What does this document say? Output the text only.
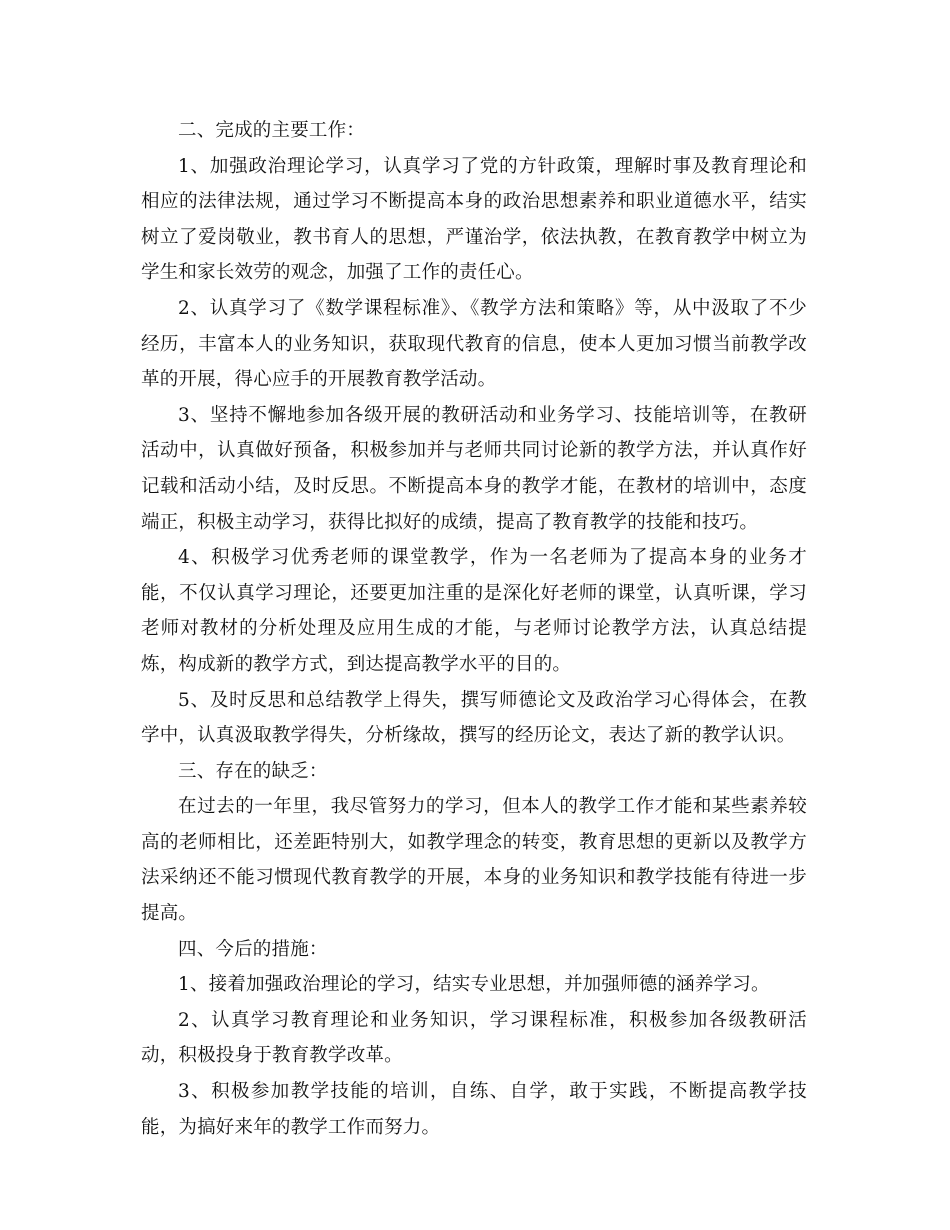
二、完成的主要工作：

1、加强政治理论学习，认真学习了党的方针政策，理解时事及教育理论和相应的法律法规，通过学习不断提高本身的政治思想素养和职业道德水平，结实树立了爱岗敬业，教书育人的思想，严谨治学，依法执教，在教育教学中树立为学生和家长效劳的观念，加强了工作的责任心。

2、认真学习了《数学课程标准》、《教学方法和策略》等，从中汲取了不少经历，丰富本人的业务知识，获取现代教育的信息，使本人更加习惯当前教学改革的开展，得心应手的开展教育教学活动。

3、坚持不懈地参加各级开展的教研活动和业务学习、技能培训等，在教研活动中，认真做好预备，积极参加并与老师共同讨论新的教学方法，并认真作好记载和活动小结，及时反思。不断提高本身的教学才能，在教材的培训中，态度端正，积极主动学习，获得比拟好的成绩，提高了教育教学的技能和技巧。

4、积极学习优秀老师的课堂教学，作为一名老师为了提高本身的业务才能，不仅认真学习理论，还要更加注重的是深化好老师的课堂，认真听课，学习老师对教材的分析处理及应用生成的才能，与老师讨论教学方法，认真总结提炼，构成新的教学方式，到达提高教学水平的目的。

5、及时反思和总结教学上得失，撰写师德论文及政治学习心得体会，在教学中，认真汲取教学得失，分析缘故，撰写的经历论文，表达了新的教学认识。

三、存在的缺乏：

在过去的一年里，我尽管努力的学习，但本人的教学工作才能和某些素养较高的老师相比，还差距特别大，如教学理念的转变，教育思想的更新以及教学方法采纳还不能习惯现代教育教学的开展，本身的业务知识和教学技能有待进一步提高。

四、今后的措施：

1、接着加强政治理论的学习，结实专业思想，并加强师德的涵养学习。

2、认真学习教育理论和业务知识，学习课程标准，积极参加各级教研活动，积极投身于教育教学改革。

3、积极参加教学技能的培训，自练、自学，敢于实践，不断提高教学技能，为搞好来年的教学工作而努力。
